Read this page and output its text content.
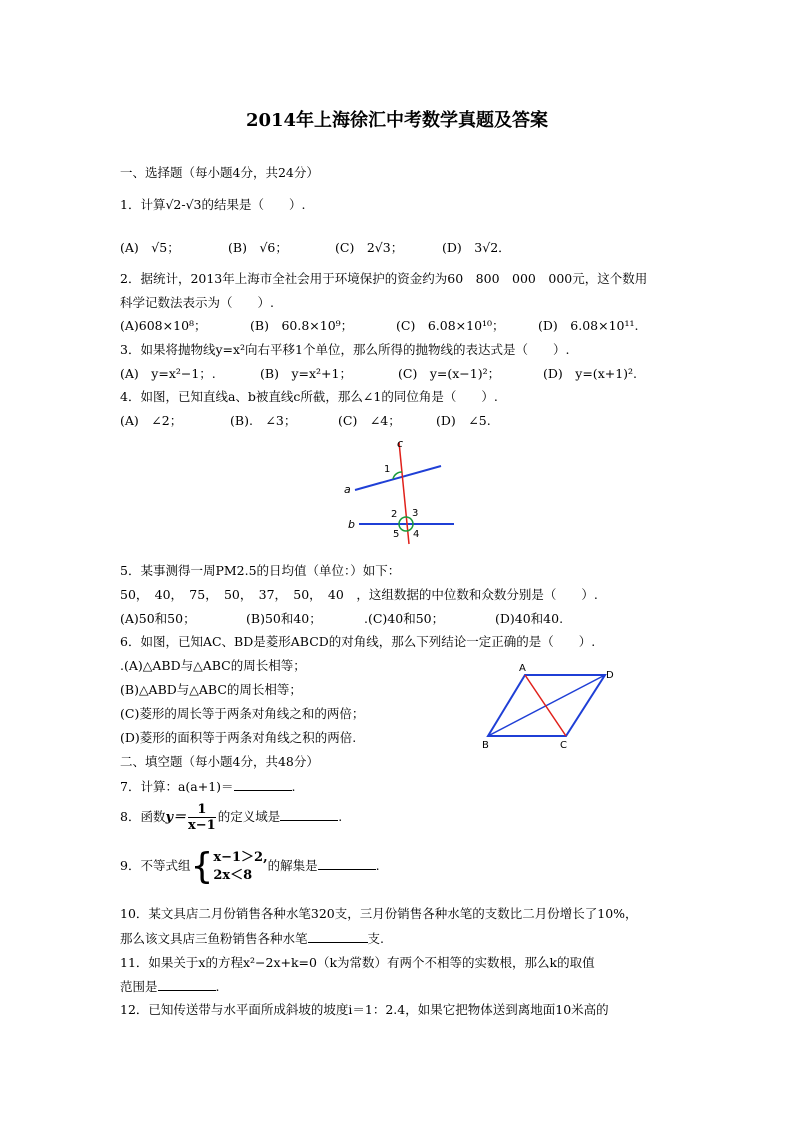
2014年上海徐汇中考数学真题及答案
一、选择题（每小题4分，共24分）
1．计算√2-√3的结果是（　　）.
(A)　√5；	(B)　√6；	(C)　2√3；	(D)　3√2．
2．据统计，2013年上海市全社会用于环境保护的资金约为60　800　000　000元，这个数用
科学记数法表示为（　　）.
(A)608×10⁸；	(B)　60.8×10⁹；	(C)　6.08×10¹⁰；	(D)　6.08×10¹¹.
3．如果将抛物线y=x²向右平移1个单位，那么所得的抛物线的表达式是（　　）.
(A)　y=x²−1；.	(B)　y=x²+1；	(C)　y=(x−1)²；	(D)　y=(x+1)².
4．如图，已知直线a、b被直线c所截，那么∠1的同位角是（　　）.
(A)　∠2；	(B).　∠3；	(C)　∠4；	(D)　∠5.
a
b
c
1
2 3
4
5
5．某事测得一周PM2.5的日均值（单位：）如下：
50，　40，　75，　50，　37，　50，　40　，这组数据的中位数和众数分别是（　　）.
(A)50和50；	(B)50和40；	.(C)40和50；	(D)40和40.
6．如图，已知AC、BD是菱形ABCD的对角线，那么下列结论一定正确的是（　　）.
.(A)△ABD与△ABC的周长相等；
(B)△ABD与△ABC的周长相等；
(C)菱形的周长等于两条对角线之和的两倍；
(D)菱形的面积等于两条对角线之积的两倍.
A
D
B	C
二、填空题（每小题4分，共48分）
7．计算：a(a+1)＝	.
8．函数$y= \frac{1}{x-1}$ 的定义域是	.
9．不等式组{ x−1＞2,
2x＜8
的解集是	.
10．某文具店二月份销售各种水笔320支，三月份销售各种水笔的支数比二月份增长了10%，
那么该文具店三鱼粉销售各种水笔	支.
11．如果关于x的方程x²−2x+k=0（k为常数）有两个不相等的实数根，那么k的取值
范围是	.
12．已知传送带与水平面所成斜坡的坡度i＝1：2.4，如果它把物体送到离地面10米高的
